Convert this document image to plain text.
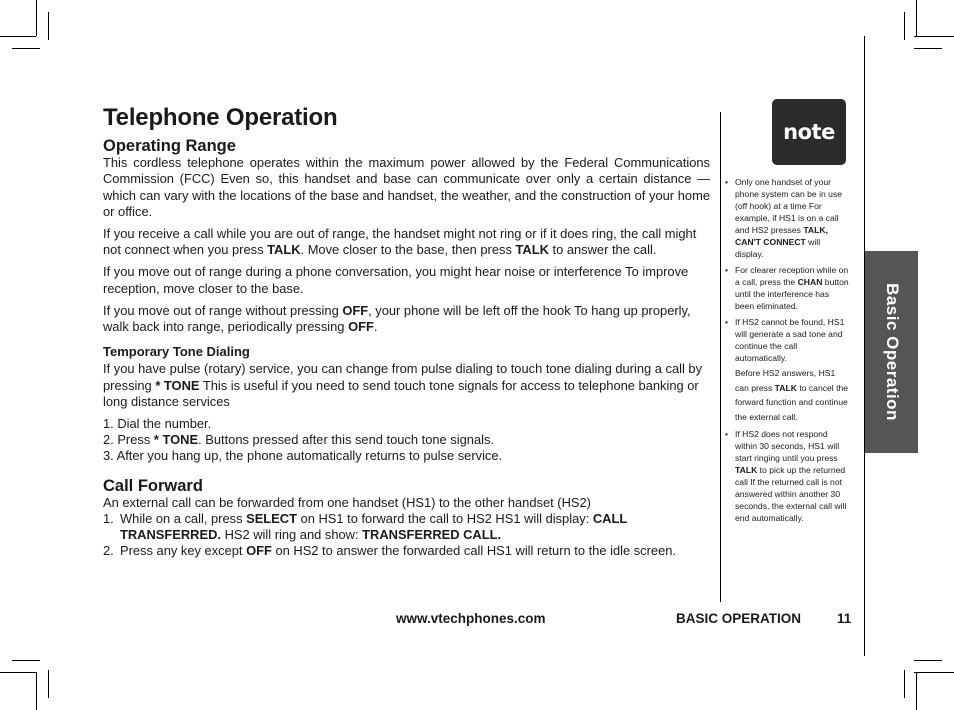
Telephone Operation
Operating Range

This cordless telephone operates within the maximum power allowed by the Federal Communications Commission (FCC) Even so, this handset and base can communicate over only a certain distance — which can vary with the locations of the base and handset, the weather, and the construction of your home or office.

If you receive a call while you are out of range, the handset might not ring or if it does ring, the call might not connect when you press TALK. Move closer to the base, then press TALK to answer the call.

If you move out of range during a phone conversation, you might hear noise or interference To improve reception, move closer to the base.

If you move out of range without pressing OFF, your phone will be left off the hook To hang up properly, walk back into range, periodically pressing OFF.

Temporary Tone Dialing

If you have pulse (rotary) service, you can change from pulse dialing to touch tone dialing during a call by pressing * TONE This is useful if you need to send touch tone signals for access to telephone banking or long distance services

1. Dial the number.
2. Press * TONE. Buttons pressed after this send touch tone signals.
3. After you hang up, the phone automatically returns to pulse service.
Call Forward

An external call can be forwarded from one handset (HS1) to the other handset (HS2)

1. While on a call, press SELECT on HS1 to forward the call to HS2 HS1 will display: CALL TRANSFERRED. HS2 will ring and show: TRANSFERRED CALL.
2. Press any key except OFF on HS2 to answer the forwarded call HS1 will return to the idle screen.
note
• Only one handset of your phone system can be in use (off hook) at a time For example, if HS1 is on a call and HS2 presses TALK, CAN'T CONNECT will display.
• For clearer reception while on a call, press the CHAN button until the interference has been eliminated.
• If HS2 cannot be found, HS1 will generate a sad tone and continue the call automatically.
Before HS2 answers, HS1 can press TALK to cancel the forward function and continue the external call.
• If HS2 does not respond within 30 seconds, HS1 will start ringing until you press TALK to pick up the returned call If the returned call is not answered within another 30 seconds, the external call will end automatically.
Basic Operation
www.vtechphones.com	BASIC OPERATION	11
